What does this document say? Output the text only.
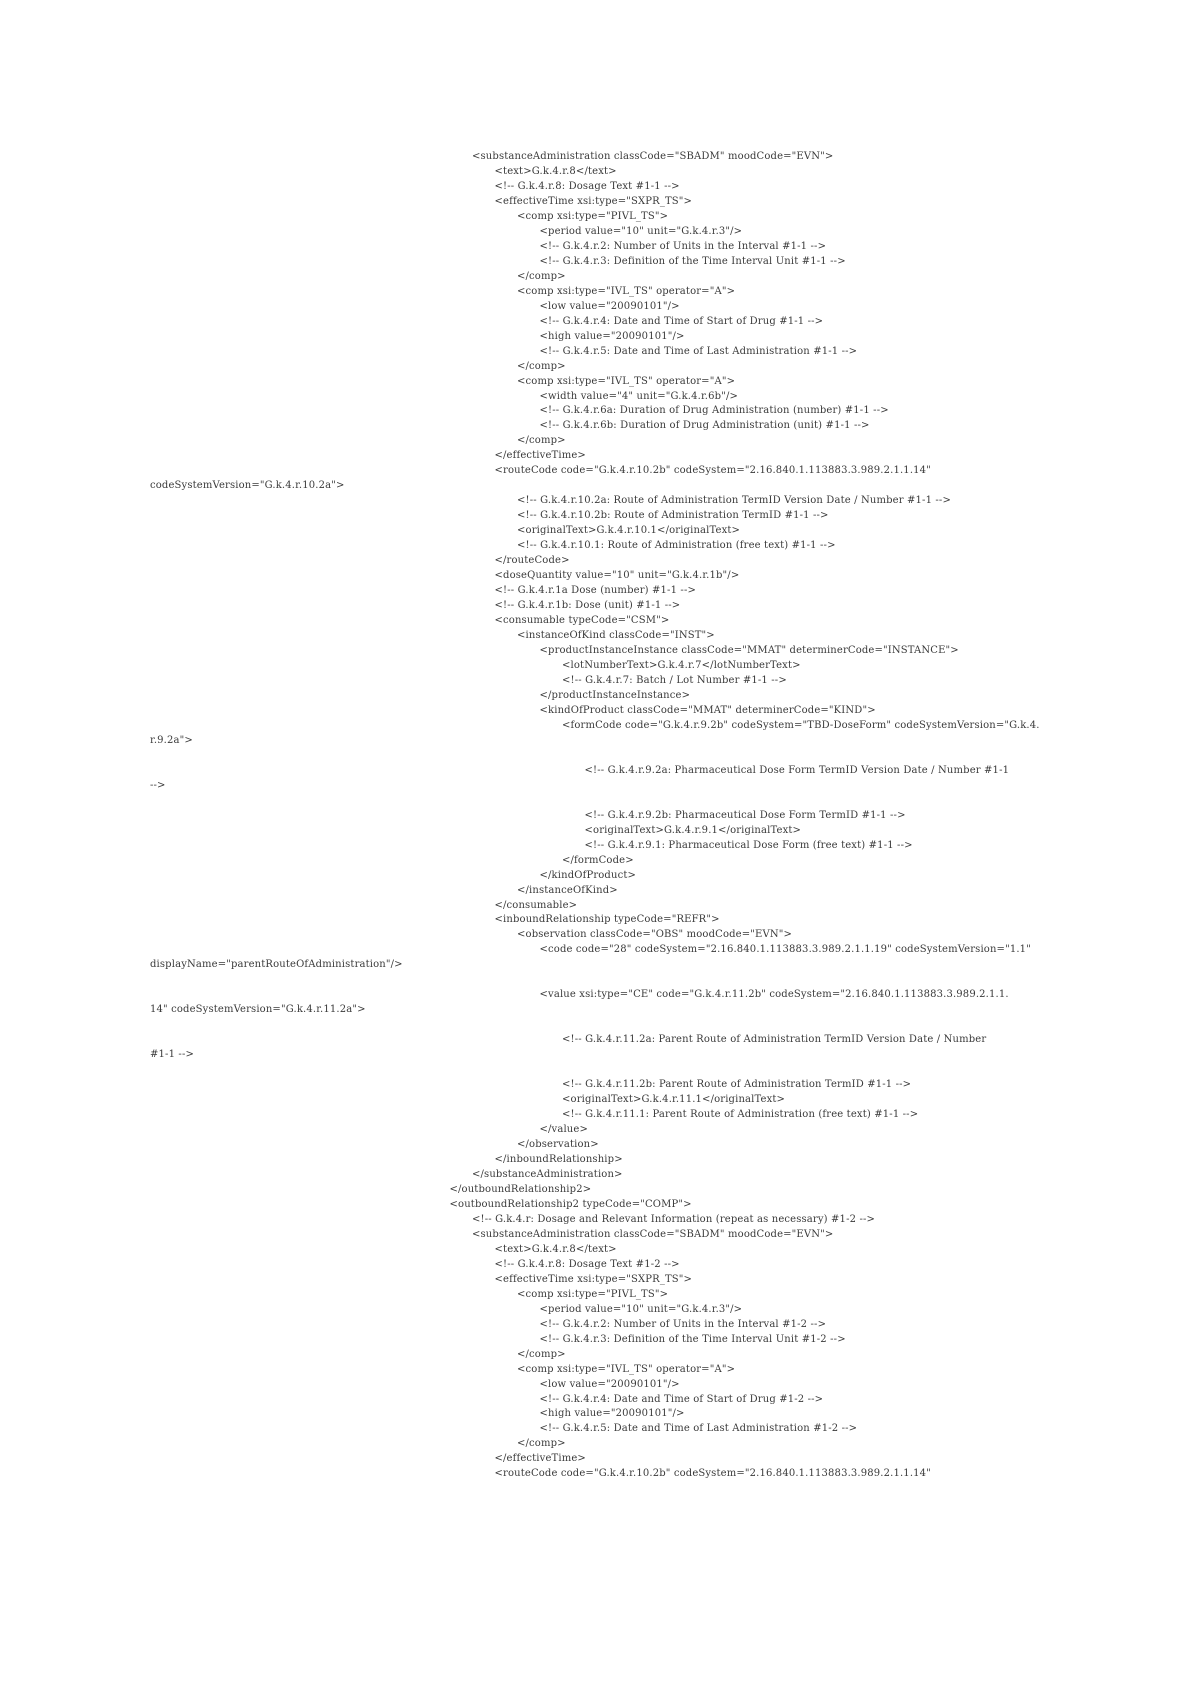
<substanceAdministration classCode="SBADM" moodCode="EVN">
<text>G.k.4.r.8</text>
<!-- G.k.4.r.8: Dosage Text #1-1 -->
<effectiveTime xsi:type="SXPR_TS">
<comp xsi:type="PIVL_TS">
<period value="10" unit="G.k.4.r.3"/>
<!-- G.k.4.r.2: Number of Units in the Interval #1-1 -->
<!-- G.k.4.r.3: Definition of the Time Interval Unit #1-1 -->
</comp>
<comp xsi:type="IVL_TS" operator="A">
<low value="20090101"/>
<!-- G.k.4.r.4: Date and Time of Start of Drug #1-1 -->
<high value="20090101"/>
<!-- G.k.4.r.5: Date and Time of Last Administration #1-1 -->
</comp>
<comp xsi:type="IVL_TS" operator="A">
<width value="4" unit="G.k.4.r.6b"/>
<!-- G.k.4.r.6a: Duration of Drug Administration (number) #1-1 -->
<!-- G.k.4.r.6b: Duration of Drug Administration (unit) #1-1 -->
</comp>
</effectiveTime>
<routeCode code="G.k.4.r.10.2b" codeSystem="2.16.840.1.113883.3.989.2.1.1.14"
codeSystemVersion="G.k.4.r.10.2a">
<!-- G.k.4.r.10.2a: Route of Administration TermID Version Date / Number #1-1 -->
<!-- G.k.4.r.10.2b: Route of Administration TermID #1-1 -->
<originalText>G.k.4.r.10.1</originalText>
<!-- G.k.4.r.10.1: Route of Administration (free text) #1-1 -->
</routeCode>
<doseQuantity value="10" unit="G.k.4.r.1b"/>
<!-- G.k.4.r.1a Dose (number) #1-1 -->
<!-- G.k.4.r.1b: Dose (unit) #1-1 -->
<consumable typeCode="CSM">
<instanceOfKind classCode="INST">
<productInstanceInstance classCode="MMAT" determinerCode="INSTANCE">
<lotNumberText>G.k.4.r.7</lotNumberText>
<!-- G.k.4.r.7: Batch / Lot Number #1-1 -->
</productInstanceInstance>
<kindOfProduct classCode="MMAT" determinerCode="KIND">
<formCode code="G.k.4.r.9.2b" codeSystem="TBD-DoseForm" codeSystemVersion="G.k.4.
r.9.2a">
<!-- G.k.4.r.9.2a: Pharmaceutical Dose Form TermID Version Date / Number #1-1
-->
<!-- G.k.4.r.9.2b: Pharmaceutical Dose Form TermID #1-1 -->
<originalText>G.k.4.r.9.1</originalText>
<!-- G.k.4.r.9.1: Pharmaceutical Dose Form (free text) #1-1 -->
</formCode>
</kindOfProduct>
</instanceOfKind>
</consumable>
<inboundRelationship typeCode="REFR">
<observation classCode="OBS" moodCode="EVN">
<code code="28" codeSystem="2.16.840.1.113883.3.989.2.1.1.19" codeSystemVersion="1.1"
displayName="parentRouteOfAdministration"/>
<value xsi:type="CE" code="G.k.4.r.11.2b" codeSystem="2.16.840.1.113883.3.989.2.1.1.
14" codeSystemVersion="G.k.4.r.11.2a">
<!-- G.k.4.r.11.2a: Parent Route of Administration TermID Version Date / Number
#1-1 -->
<!-- G.k.4.r.11.2b: Parent Route of Administration TermID #1-1 -->
<originalText>G.k.4.r.11.1</originalText>
<!-- G.k.4.r.11.1: Parent Route of Administration (free text) #1-1 -->
</value>
</observation>
</inboundRelationship>
</substanceAdministration>
</outboundRelationship2>
<outboundRelationship2 typeCode="COMP">
<!-- G.k.4.r: Dosage and Relevant Information (repeat as necessary) #1-2 -->
<substanceAdministration classCode="SBADM" moodCode="EVN">
<text>G.k.4.r.8</text>
<!-- G.k.4.r.8: Dosage Text #1-2 -->
<effectiveTime xsi:type="SXPR_TS">
<comp xsi:type="PIVL_TS">
<period value="10" unit="G.k.4.r.3"/>
<!-- G.k.4.r.2: Number of Units in the Interval #1-2 -->
<!-- G.k.4.r.3: Definition of the Time Interval Unit #1-2 -->
</comp>
<comp xsi:type="IVL_TS" operator="A">
<low value="20090101"/>
<!-- G.k.4.r.4: Date and Time of Start of Drug #1-2 -->
<high value="20090101"/>
<!-- G.k.4.r.5: Date and Time of Last Administration #1-2 -->
</comp>
</effectiveTime>
<routeCode code="G.k.4.r.10.2b" codeSystem="2.16.840.1.113883.3.989.2.1.1.14"
